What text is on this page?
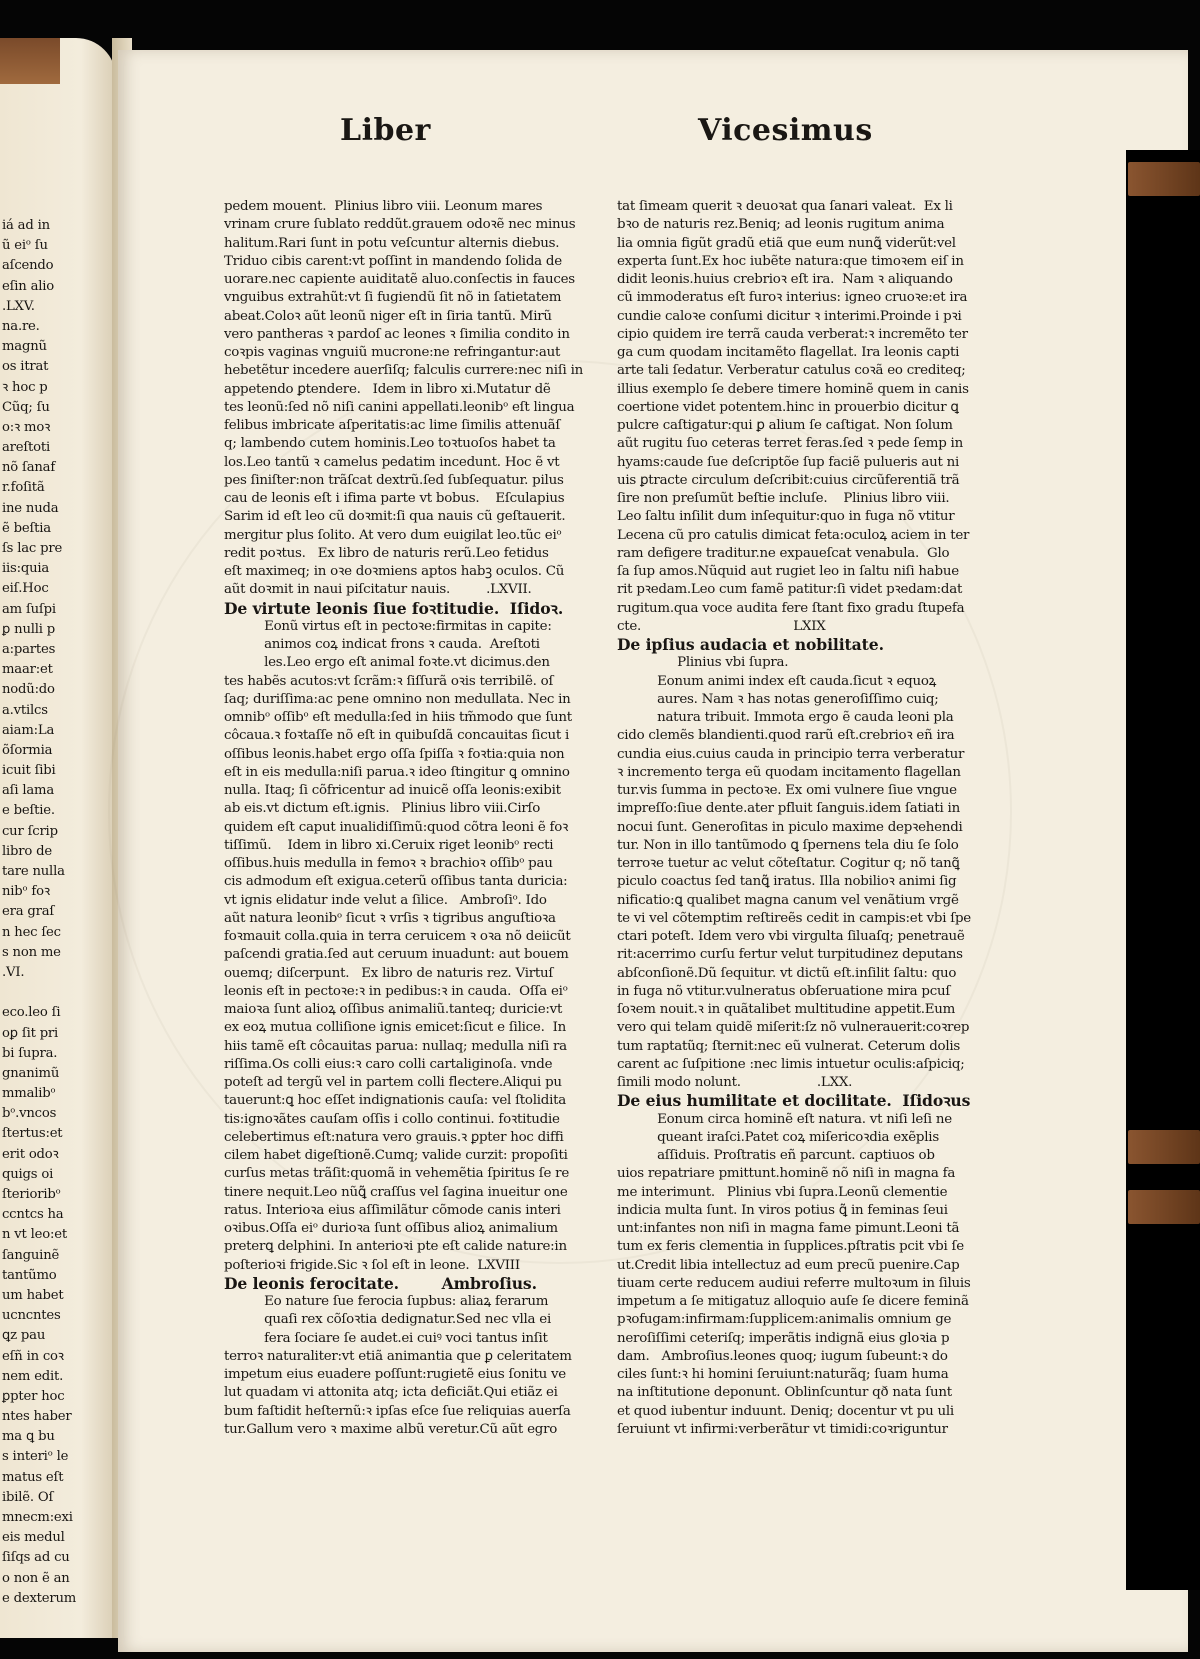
iá ad in
ũ eiᵒ ſu
aſcendo
eſin alio
.LXV.
na.re.
magnũ
os itrat
ꝛ hoc p
Cũq; ſu
o:ꝛ moꝛ
areſtoti
nõ ſanaf
r.foſitã
ine nuda
ẽ beſtia
ſs lac pre
iis:quia
eiſ.Hoc
am ſuſpi
ꝑ nulli p
a:partes
maar:et
nodũ:do
a.vtilcs
aiam:La
õſormia
icuit ſibi
aſi lama
e beſtie.
cur ſcrip
libro de
tare nulla
nibᵒ foꝛ
era graſ
n hec ſec
s non me
.VI.
eco.leo ſi
oꝑ ſit pri
bi ſupra.
gnanimũ
mmalibᵒ
bᵒ.vncos
ſtertus:et
erit odoꝛ
quigs oi
ſterioribᵒ
ccntcs ha
n vt leo:et
ſanguinẽ
tantũmo
um habet
ucncntes
ꝗz pau
eſñ in coꝛ
nem edit.
ꝑpter hoc
ntes haber
ma ꝗ bu
s interiᵒ le
matus eſt
ibilẽ. Oſ
mnecm:exi
eis medul
ſiſqs ad cu
o non ẽ an
e dexterum
Liber	Vicesimus
pedem mouent.  Plinius libro viii. Leonum mares
vrinam crure ſublato reddũt.grauem odoꝛẽ nec minus
halitum.Rari ſunt in potu veſcuntur alternis diebus.
Triduo cibis carent:vt poſſint in mandendo ſolida de
uorare.nec capiente auiditatẽ aluo.conſectis in fauces
vnguibus extrahũt:vt ſi fugiendũ ſit nõ in ſatietatem
abeat.Coloꝛ aũt leonũ niger eſt in ſiria tantũ. Mirũ
vero pantheras ꝛ pardoſ ac leones ꝛ ſimilia condito in
coꝛpis vaginas vnguiũ mucrone:ne refringantur:aut
hebetẽtur incedere auerſiſq; falculis currere:nec niſi in
appetendo ꝑtendere.   Idem in libro xi.Mutatur dẽ
tes leonũ:ſed nõ niſi canini appellati.leonibᵒ eſt lingua
felibus imbricate aſperitatis:ac lime ſimilis attenuãſ
q; lambendo cutem hominis.Leo toꝛtuoſos habet ta
los.Leo tantũ ꝛ camelus pedatim incedunt. Hoc ẽ vt
pes ſiniſter:non trãſcat dextrũ.ſed ſubſequatur. pilus
cau de leonis eſt i ifima parte vt bobus.    Eſculapius
Sarim id eſt leo cũ doꝛmit:ſi qua nauis cũ geſtauerit.
mergitur plus ſolito. At vero dum euigilat leo.tũc eiᵒ
redit poꝛtus.   Ex libro de naturis rerũ.Leo fetidus
eſt maximeq; in oꝛe doꝛmiens aptos habꝫ oculos. Cũ
aũt doꝛmit in naui piſcitatur nauis.         .LXVII.
De virtute leonis ſiue foꝛtitudie.  Iſidoꝛ.
Eonũ virtus eſt in pectoꝛe:firmitas in capite:
animos coꝝ indicat frons ꝛ cauda.  Areſtoti
les.Leo ergo eſt animal foꝛte.vt dicimus.den
tes habẽs acutos:vt ſcrãm:ꝛ ſiſſurã oꝛis terribilẽ. oſ
ſaq; duriſſima:ac pene omnino non medullata. Nec in
omnibᵒ oſſibᵒ eſt medulla:ſed in hiis tm̃modo que ſunt
côcaua.ꝛ foꝛtaſſe nõ eſt in quibuſdã concauitas ſicut i
oſſibus leonis.habet ergo oſſa ſpiſſa ꝛ foꝛtia:quia non
eſt in eis medulla:niſi parua.ꝛ ideo ſtingitur ꝗ omnino
nulla. Itaq; ſi cõfricentur ad inuicẽ oſſa leonis:exibit
ab eis.vt dictum eſt.ignis.   Plinius libro viii.Cirſo
quidem eſt caput inualidiſſimũ:quod cõtra leoni ẽ foꝛ
tiſſimũ.    Idem in libro xi.Ceruix riget leonibᵒ recti
oſſibus.huis medulla in femoꝛ ꝛ brachioꝛ oſſibᵒ pau
cis admodum eſt exigua.ceterũ oſſibus tanta duricia:
vt ignis elidatur inde velut a ſilice.   Ambroſiᵒ. Ido
aũt natura leonibᵒ ſicut ꝛ vrſis ꝛ tigribus anguſtioꝛa
foꝛmauit colla.quia in terra ceruicem ꝛ oꝛa nõ deiicũt
paſcendi gratia.ſed aut ceruum inuadunt: aut bouem
ouemq; diſcerpunt.   Ex libro de naturis rez. Virtuſ
leonis eſt in pectoꝛe:ꝛ in pedibus:ꝛ in cauda.  Oſſa eiᵒ
maioꝛa ſunt alioꝝ oſſibus animaliũ.tanteq; duricie:vt
ex eoꝝ mutua colliſione ignis emicet:ſicut e ſilice.  In
hiis tamẽ eſt côcauitas parua: nullaq; medulla niſi ra
riſſima.Os colli eius:ꝛ caro colli cartaliginoſa. vnde
poteſt ad tergũ vel in partem colli flectere.Aliqui pu
tauerunt:ꝗ hoc eſſet indignationis cauſa: vel ſtolidita
tis:ignoꝛãtes cauſam oſſis i collo continui. foꝛtitudie
celebertimus eſt:natura vero grauis.ꝛ ꝑpter hoc diffi
cilem habet digeſtionẽ.Cumq; valide curzit: propoſiti
curſus metas trãſit:quomã in vehemẽtia ſpiritus ſe re
tinere nequit.Leo nũꝗ̃ craſſus vel ſagina inueitur one
ratus. Interioꝛa eius aſſimilãtur cõmode canis interi
oꝛibus.Oſſa eiᵒ durioꝛa ſunt oſſibus alioꝝ animalium
preterꝗ delphini. In anterioꝛi pte eſt calide nature:in
poſterioꝛi frigide.Sic ꝛ ſol eſt in leone.  LXVIII
De leonis ferocitate.        Ambroſius.
Eo nature ſue ferocia ſupbus: aliaꝝ ferarum
quaſi rex cõſoꝛtia dedignatur.Sed nec vlla ei
fera ſociare ſe audet.ei cuiꝰ voci tantus inſit
terroꝛ naturaliter:vt etiã animantia que ꝑ celeritatem
impetum eius euadere poſſunt:rugietẽ eius ſonitu ve
lut quadam vi attonita atq; icta deficiãt.Qui etiãz ei
bum faſtidit heſternũ:ꝛ ipſas eſce ſue reliquias auerſa
tur.Gallum vero ꝛ maxime albũ veretur.Cũ aũt egro
tat ſimeam querit ꝛ deuoꝛat qua ſanari valeat.  Ex li
bꝛo de naturis rez.Beniq; ad leonis rugitum anima
lia omnia figũt gradũ etiã que eum nunꝗ̃ viderũt:vel
experta ſunt.Ex hoc iubẽte natura:que timoꝛem eiſ in
didit leonis.huius crebrioꝛ eſt ira.  Nam ꝛ aliquando
cũ immoderatus eſt furoꝛ interius: igneo cruoꝛe:et ira
cundie caloꝛe conſumi dicitur ꝛ interimi.Proinde i pꝛi
cipio quidem ire terrã cauda verberat:ꝛ incremẽto ter
ga cum quodam incitamẽto flagellat. Ira leonis capti
arte tali ſedatur. Verberatur catulus coꝛã eo crediteq;
illius exemplo ſe debere timere hominẽ quem in canis
coertione videt potentem.hinc in prouerbio dicitur ꝗ
pulcre caſtigatur:qui ꝑ alium ſe caſtigat. Non ſolum
aũt rugitu ſuo ceteras terret feras.ſed ꝛ pede ſemp in
hyams:caude ſue deſcriptõe ſup faciẽ pulueris aut ni
uis ꝑtracte circulum deſcribit:cuius circũferentiã trã
ſire non preſumũt beſtie incluſe.    Plinius libro viii.
Leo ſaltu inſilit dum inſequitur:quo in fuga nõ vtitur
Lecena cũ pro catulis dimicat feta:oculoꝝ aciem in ter
ram defigere traditur.ne expaueſcat venabula.  Glo
ſa ſup amos.Nũquid aut rugiet leo in ſaltu niſi habue
rit pꝛedam.Leo cum famẽ patitur:ſi videt pꝛedam:dat
rugitum.qua voce audita fere ſtant fixo gradu ſtupefa
cte.                                      LXIX
De ipſius audacia et nobilitate.
Plinius vbi ſupra.
Eonum animi index eſt cauda.ſicut ꝛ equoꝝ
aures. Nam ꝛ has notas generoſiſſimo cuiq;
natura tribuit. Immota ergo ẽ cauda leoni pla
cido clemẽs blandienti.quod rarũ eſt.crebrioꝛ eñ ira
cundia eius.cuius cauda in principio terra verberatur
ꝛ incremento terga eũ quodam incitamento flagellan
tur.vis ſumma in pectoꝛe. Ex omi vulnere ſiue vngue
impreſſo:ſiue dente.ater pfluit ſanguis.idem ſatiati in
nocui ſunt. Generoſitas in piculo maxime depꝛehendi
tur. Non in illo tantũmodo ꝗ ſpernens tela diu ſe ſolo
terroꝛe tuetur ac velut cõteſtatur. Cogitur q; nõ tanꝗ̃
piculo coactus ſed tanꝗ̃ iratus. Illa nobilioꝛ animi ſig
nificatio:ꝗ qualibet magna canum vel venãtium vrgẽ
te vi vel cõtemptim reſtireẽs cedit in campis:et vbi ſpe
ctari poteſt. Idem vero vbi virgulta ſiluaſq; penetrauẽ
rit:acerrimo curſu fertur velut turpitudinez deputans
abſconſionẽ.Dũ ſequitur. vt dictũ eſt.inſilit ſaltu: quo
in fuga nõ vtitur.vulneratus obſeruatione mira pcuſ
ſoꝛem nouit.ꝛ in quãtalibet multitudine appetit.Eum
vero qui telam quidẽ miſerit:ſz nõ vulnerauerit:coꝛrep
tum raptatũq; ſternit:nec eũ vulnerat. Ceterum dolis
carent ac ſuſpitione :nec limis intuetur oculis:aſpiciq;
ſimili modo nolunt.                   .LXX.
De eius humilitate et docilitate.  Iſidoꝛus
Eonum circa hominẽ eſt natura. vt niſi leſi ne
queant iraſci.Patet coꝝ miſericoꝛdia exẽplis
aſſiduis. Proſtratis eñ parcunt. captiuos ob
uios repatriare pmittunt.hominẽ nõ niſi in magna fa
me interimunt.   Plinius vbi ſupra.Leonũ clementie
indicia multa ſunt. In viros potius ꝗ̃ in feminas ſeui
unt:infantes non niſi in magna fame pimunt.Leoni tã
tum ex feris clementia in ſupplices.pſtratis pcit vbi ſe
ut.Credit libia intellectuz ad eum precũ puenire.Cap
tiuam certe reducem audiui referre multoꝛum in ſiluis
impetum a ſe mitigatuz alloquio auſe ſe dicere feminã
pꝛofugam:infirmam:ſupplicem:animalis omnium ge
neroſiſſimi ceteriſq; imperãtis indignã eius gloꝛia p
dam.   Ambroſius.leones quoq; iugum ſubeunt:ꝛ do
ciles ſunt:ꝛ hi homini ſeruiunt:naturãq; ſuam huma
na inſtitutione deponunt. Oblinſcuntur qð nata ſunt
et quod iubentur induunt. Deniq; docentur vt pu uli
ſeruiunt vt infirmi:verberãtur vt timidi:coꝛriguntur
